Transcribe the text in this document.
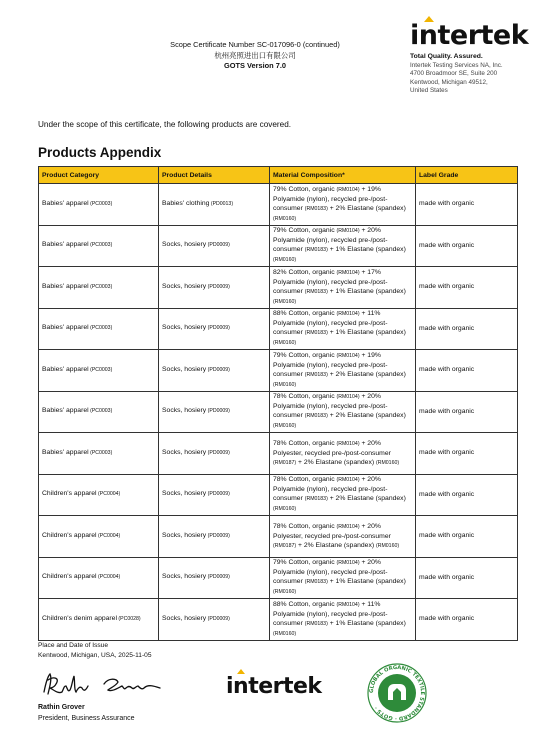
Scope Certificate Number SC-017096-0 (continued)
杭州亮照进出口有限公司
GOTS Version 7.0
intertek
Total Quality. Assured.
Intertek Testing Services NA, Inc.
4700 Broadmoor SE, Suite 200
Kentwood, Michigan 49512,
United States
Under the scope of this certificate, the following products are covered.
Products Appendix
Product Category	Product Details	Material Composition*	Label Grade
Babies' apparel (PC0003)	Babies' clothing (PD0013)	79% Cotton, organic (RM0104) + 19% Polyamide (nylon), recycled pre-/post-consumer (RM0183) + 2% Elastane (spandex) (RM0160)	made with organic
Babies' apparel (PC0003)	Socks, hosiery (PD0009)	79% Cotton, organic (RM0104) + 20% Polyamide (nylon), recycled pre-/post-consumer (RM0183) + 1% Elastane (spandex) (RM0160)	made with organic
Babies' apparel (PC0003)	Socks, hosiery (PD0009)	82% Cotton, organic (RM0104) + 17% Polyamide (nylon), recycled pre-/post-consumer (RM0183) + 1% Elastane (spandex) (RM0160)	made with organic
Babies' apparel (PC0003)	Socks, hosiery (PD0009)	88% Cotton, organic (RM0104) + 11% Polyamide (nylon), recycled pre-/post-consumer (RM0183) + 1% Elastane (spandex) (RM0160)	made with organic
Babies' apparel (PC0003)	Socks, hosiery (PD0009)	79% Cotton, organic (RM0104) + 19% Polyamide (nylon), recycled pre-/post-consumer (RM0183) + 2% Elastane (spandex) (RM0160)	made with organic
Babies' apparel (PC0003)	Socks, hosiery (PD0009)	78% Cotton, organic (RM0104) + 20% Polyamide (nylon), recycled pre-/post-consumer (RM0183) + 2% Elastane (spandex) (RM0160)	made with organic
Babies' apparel (PC0003)	Socks, hosiery (PD0009)	78% Cotton, organic (RM0104) + 20% Polyester, recycled pre-/post-consumer (RM0187) + 2% Elastane (spandex) (RM0160)	made with organic
Children's apparel (PC0004)	Socks, hosiery (PD0009)	78% Cotton, organic (RM0104) + 20% Polyamide (nylon), recycled pre-/post-consumer (RM0183) + 2% Elastane (spandex) (RM0160)	made with organic
Children's apparel (PC0004)	Socks, hosiery (PD0009)	78% Cotton, organic (RM0104) + 20% Polyester, recycled pre-/post-consumer (RM0187) + 2% Elastane (spandex) (RM0160)	made with organic
Children's apparel (PC0004)	Socks, hosiery (PD0009)	79% Cotton, organic (RM0104) + 20% Polyamide (nylon), recycled pre-/post-consumer (RM0183) + 1% Elastane (spandex) (RM0160)	made with organic
Children's denim apparel (PC0028)	Socks, hosiery (PD0009)	88% Cotton, organic (RM0104) + 11% Polyamide (nylon), recycled pre-/post-consumer (RM0183) + 1% Elastane (spandex) (RM0160)	made with organic
Place and Date of Issue
Kentwood, Michigan, USA, 2025-11-05
Rathin Grover
President, Business Assurance
intertek	GLOBAL ORGANIC TEXTILE STANDARD · GOTS ·
